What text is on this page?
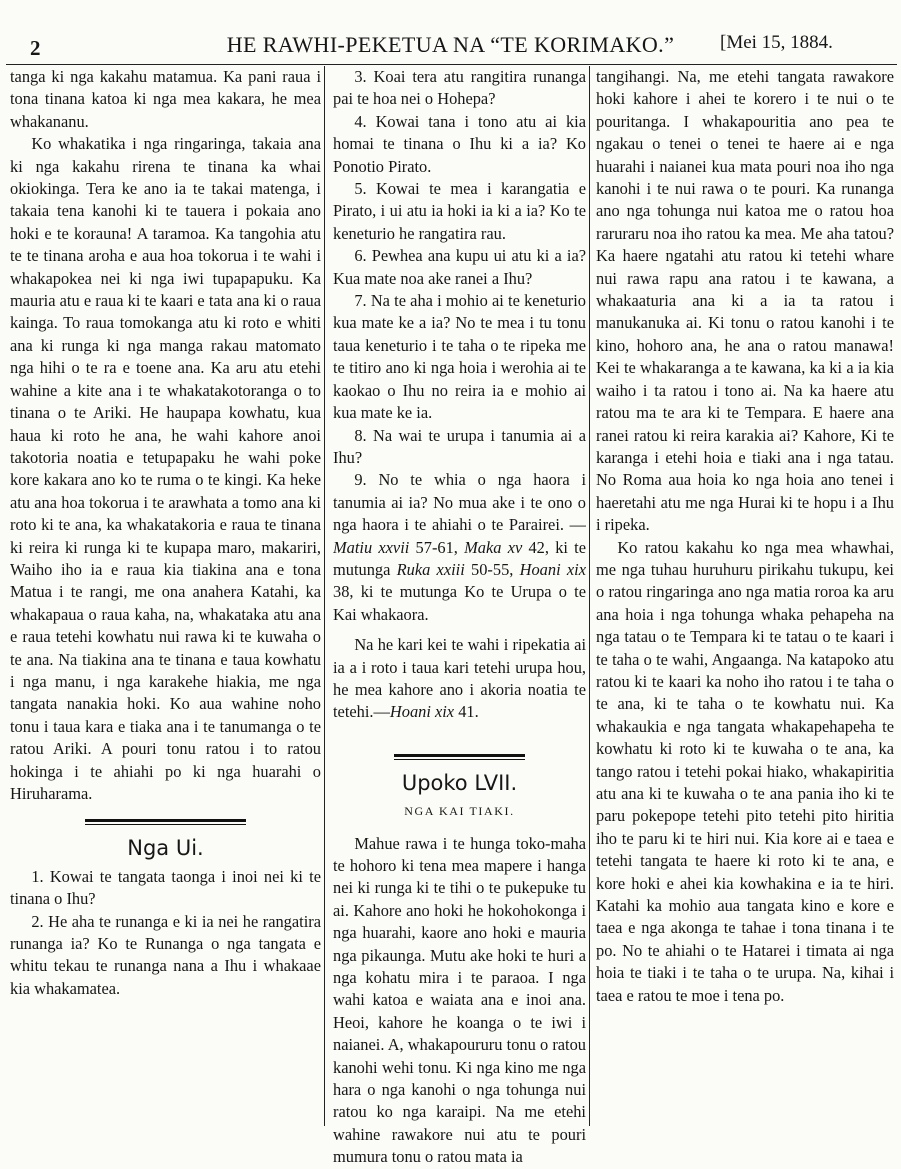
2	HE RAWHI-PEKETUA NA “TE KORIMAKO.”	[Mei 15, 1884.

tanga ki nga kakahu matamua. Ka pani raua i tona tinana katoa ki nga mea kakara, he mea whakananu.

Ko whakatika i nga ringaringa, takaia ana ki nga kakahu rirena te tinana ka whai okiokinga. Tera ke ano ia te takai matenga, i takaia tena kanohi ki te tauera i pokaia ano hoki e te korauna! A taramoa. Ka tangohia atu te te tinana aroha e aua hoa tokorua i te wahi i whakapokea nei ki nga iwi tupapapuku. Ka mauria atu e raua ki te kaari e tata ana ki o raua kainga. To raua tomokanga atu ki roto e whiti ana ki runga ki nga manga rakau matomato nga hihi o te ra e toene ana. Ka aru atu etehi wahine a kite ana i te whakatakotoranga o to tinana o te Ariki. He haupapa kowhatu, kua haua ki roto he ana, he wahi kahore anoi takotoria noatia e tetupapaku he wahi poke kore kakara ano ko te ruma o te kingi. Ka heke atu ana hoa tokorua i te arawhata a tomo ana ki roto ki te ana, ka whakatakoria e raua te tinana ki reira ki runga ki te kupapa maro, makariri, Waiho iho ia e raua kia tiakina ana e tona Matua i te rangi, me ona anahera Katahi, ka whakapaua o raua kaha, na, whakataka atu ana e raua tetehi kowhatu nui rawa ki te kuwaha o te ana. Na tiakina ana te tinana e taua kowhatu i nga manu, i nga karakehe hiakia, me nga tangata nanakia hoki. Ko aua wahine noho tonu i taua kara e tiaka ana i te tanumanga o te ratou Ariki. A pouri tonu ratou i to ratou hokinga i te ahiahi po ki nga huarahi o Hiruharama.

Nga Ui.

1. Kowai te tangata taonga i inoi nei ki te tinana o Ihu?

2. He aha te runanga e ki ia nei he rangatira runanga ia? Ko te Runanga o nga tangata e whitu tekau te runanga nana a Ihu i whakaae kia whakamatea.

3. Koai tera atu rangitira runanga pai te hoa nei o Hohepa?

4. Kowai tana i tono atu ai kia homai te tinana o Ihu ki a ia? Ko Ponotio Pirato.

5. Kowai te mea i karangatia e Pirato, i ui atu ia hoki ia ki a ia? Ko te keneturio he rangatira rau.

6. Pewhea ana kupu ui atu ki a ia? Kua mate noa ake ranei a Ihu?

7. Na te aha i mohio ai te keneturio kua mate ke a ia? No te mea i tu tonu taua keneturio i te taha o te ripeka me te titiro ano ki nga hoia i werohia ai te kaokao o Ihu no reira ia e mohio ai kua mate ke ia.

8. Na wai te urupa i tanumia ai a Ihu?

9. No te whia o nga haora i tanumia ai ia? No mua ake i te ono o nga haora i te ahiahi o te Parairei. —Matiu xxvii 57-61, Maka xv 42, ki te mutunga Ruka xxiii 50-55, Hoani xix 38, ki te mutunga Ko te Urupa o te Kai whakaora.

Na he kari kei te wahi i ripekatia ai ia a i roto i taua kari tetehi urupa hou, he mea kahore ano i akoria noatia te tetehi.—Hoani xix 41.

Upoko LVII.
NGA KAI TIAKI.

Mahue rawa i te hunga toko-maha te hohoro ki tena mea mapere i hanga nei ki runga ki te tihi o te pukepuke tu ai. Kahore ano hoki he hokohokonga i nga huarahi, kaore ano hoki e mauria nga pikaunga. Mutu ake hoki te huri a nga kohatu mira i te paraoa. I nga wahi katoa e waiata ana e inoi ana. Heoi, kahore he koanga o te iwi i naianei. A, whakapoururu tonu o ratou kanohi wehi tonu. Ki nga kino me nga hara o nga kanohi o nga tohunga nui ratou ko nga karaipi. Na me etehi wahine rawakore nui atu te pouri mumura tonu o ratou mata ia

tangihangi. Na, me etehi tangata rawakore hoki kahore i ahei te korero i te nui o te pouritanga. I whakapouritia ano pea te ngakau o tenei o tenei te haere ai e nga huarahi i naianei kua mata pouri noa iho nga kanohi i te nui rawa o te pouri. Ka runanga ano nga tohunga nui katoa me o ratou hoa raruraru noa iho ratou ka mea. Me aha tatou? Ka haere ngatahi atu ratou ki tetehi whare nui rawa rapu ana ratou i te kawana, a whakaaturia ana ki a ia ta ratou i manukanuka ai. Ki tonu o ratou kanohi i te kino, hohoro ana, he ana o ratou manawa! Kei te whakaranga a te kawana, ka ki a ia kia waiho i ta ratou i tono ai. Na ka haere atu ratou ma te ara ki te Tempara. E haere ana ranei ratou ki reira karakia ai? Kahore, Ki te karanga i etehi hoia e tiaki ana i nga tatau. No Roma aua hoia ko nga hoia ano tenei i haeretahi atu me nga Hurai ki te hopu i a Ihu i ripeka.

Ko ratou kakahu ko nga mea whawhai, me nga tuhau huruhuru pirikahu tukupu, kei o ratou ringaringa ano nga matia roroa ka aru ana hoia i nga tohunga whaka pehapeha na nga tatau o te Tempara ki te tatau o te kaari i te taha o te wahi, Angaanga. Na katapoko atu ratou ki te kaari ka noho iho ratou i te taha o te ana, ki te taha o te kowhatu nui. Ka whakaukia e nga tangata whakapehapeha te kowhatu ki roto ki te kuwaha o te ana, ka tango ratou i tetehi pokai hiako, whakapiritia atu ana ki te kuwaha o te ana pania iho ki te paru pokepope tetehi pito tetehi pito hiritia iho te paru ki te hiri nui. Kia kore ai e taea e tetehi tangata te haere ki roto ki te ana, e kore hoki e ahei kia kowhakina e ia te hiri. Katahi ka mohio aua tangata kino e kore e taea e nga akonga te tahae i tona tinana i te po. No te ahiahi o te Hatarei i timata ai nga hoia te tiaki i te taha o te urupa. Na, kihai i taea e ratou te moe i tena po.
